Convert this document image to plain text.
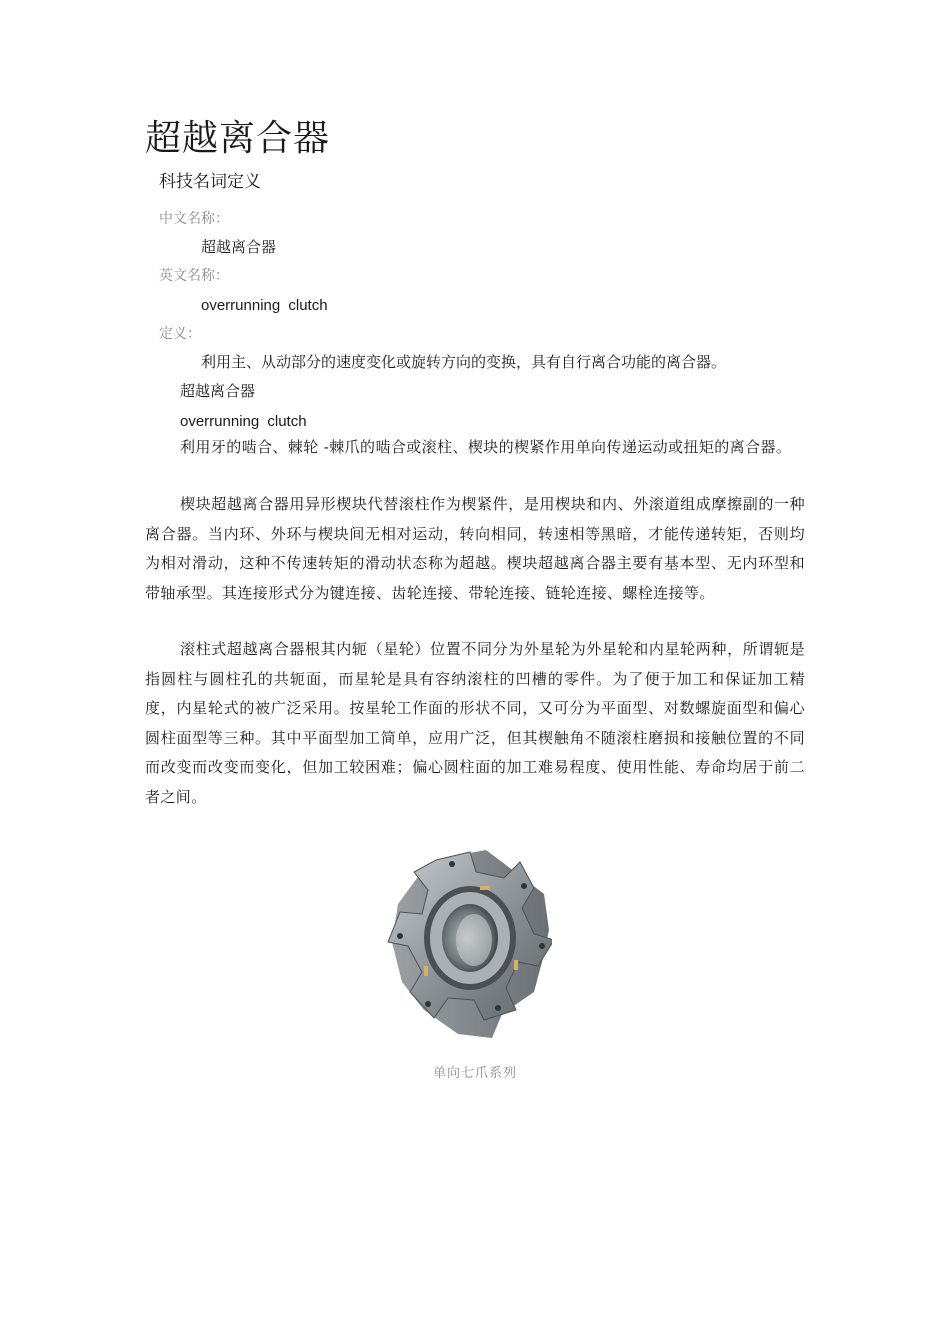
超越离合器
科技名词定义
中文名称：
超越离合器
英文名称：
overrunning clutch
定义：
利用主、从动部分的速度变化或旋转方向的变换，具有自行离合功能的离合器。
超越离合器
overrunning clutch

利用牙的啮合、棘轮 -棘爪的啮合或滚柱、楔块的楔紧作用单向传递运动或扭矩的离合器。

楔块超越离合器用异形楔块代替滚柱作为楔紧件，是用楔块和内、外滚道组成摩擦副的一种离合器。当内环、外环与楔块间无相对运动，转向相同，转速相等黑暗，才能传递转矩，否则均为相对滑动，这种不传速转矩的滑动状态称为超越。楔块超越离合器主要有基本型、无内环型和带轴承型。其连接形式分为键连接、齿轮连接、带轮连接、链轮连接、螺栓连接等。

滚柱式超越离合器根其内轭（星轮）位置不同分为外星轮为外星轮和内星轮两种，所谓轭是指圆柱与圆柱孔的共轭面，而星轮是具有容纳滚柱的凹槽的零件。为了便于加工和保证加工精度，内星轮式的被广泛采用。按星轮工作面的形状不同，又可分为平面型、对数螺旋面型和偏心圆柱面型等三种。其中平面型加工简单，应用广泛，但其楔触角不随滚柱磨损和接触位置的不同而改变而改变而变化，但加工较困难；偏心圆柱面的加工难易程度、使用性能、寿命均居于前二者之间。

单向七爪系列
